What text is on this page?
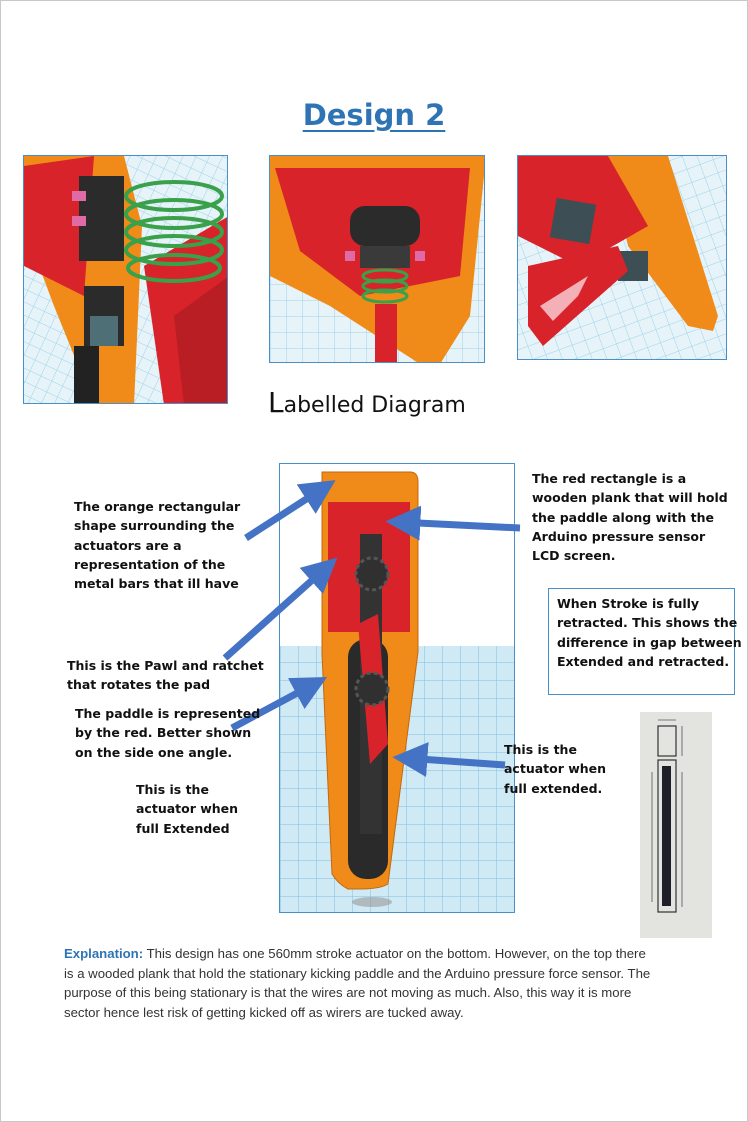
Design 2
Labelled Diagram
The orange rectangular
shape surrounding the
actuators are a
representation of the
metal bars that ill have
The red rectangle is a
wooden plank that will hold
the paddle along with the
Arduino pressure sensor
LCD screen.
When Stroke is fully
retracted. This shows the
difference in gap between
Extended and retracted.
This is the Pawl and ratchet
that rotates the pad
The paddle is represented
by the red. Better shown
on the side one angle.
This is the
actuator when
full Extended
This is the
actuator when
full extended.
Explanation: This design has one 560mm stroke actuator on the bottom. However, on the top there
is a wooded plank that hold the stationary kicking paddle and the Arduino pressure force sensor. The
purpose of this being stationary is that the wires are not moving as much. Also, this way it is more
sector hence lest risk of getting kicked off as wirers are tucked away.
